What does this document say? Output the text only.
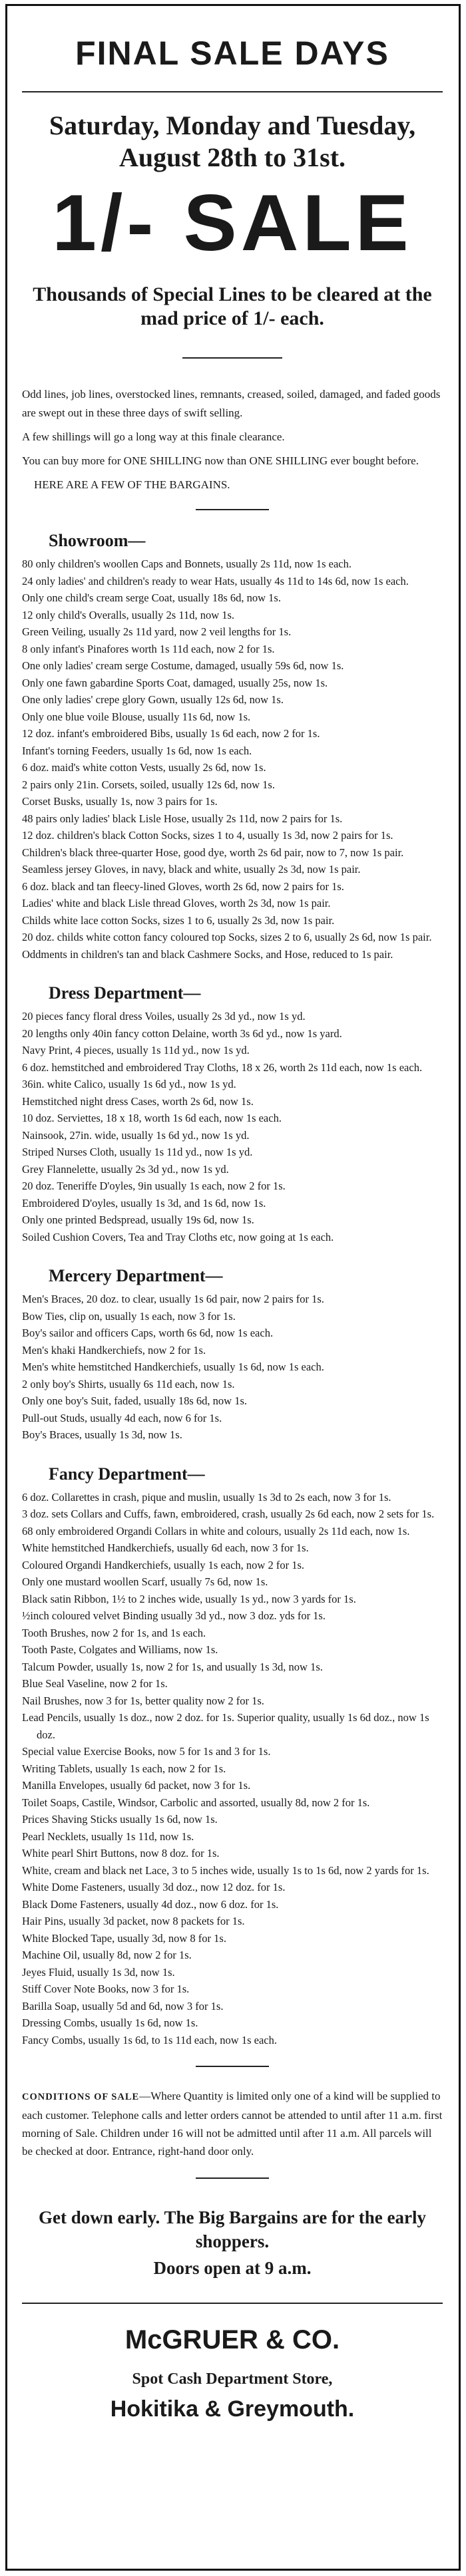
FINAL SALE DAYS
Saturday, Monday and Tuesday, August 28th to 31st.
1/- SALE
Thousands of Special Lines to be cleared at the mad price of 1/- each.

Odd lines, job lines, overstocked lines, remnants, creased, soiled, damaged, and faded goods are swept out in these three days of swift selling.

A few shillings will go a long way at this finale clearance.

You can buy more for ONE SHILLING now than ONE SHILLING ever bought before.

HERE ARE A FEW OF THE BARGAINS.

Showroom—

80 only children's woollen Caps and Bonnets, usually 2s 11d, now 1s each.

24 only ladies' and children's ready to wear Hats, usually 4s 11d to 14s 6d, now 1s each.

Only one child's cream serge Coat, usually 18s 6d, now 1s.

12 only child's Overalls, usually 2s 11d, now 1s.

Green Veiling, usually 2s 11d yard, now 2 veil lengths for 1s.

8 only infant's Pinafores worth 1s 11d each, now 2 for 1s.

One only ladies' cream serge Costume, damaged, usually 59s 6d, now 1s.

Only one fawn gabardine Sports Coat, damaged, usually 25s, now 1s.

One only ladies' crepe glory Gown, usually 12s 6d, now 1s.

Only one blue voile Blouse, usually 11s 6d, now 1s.

12 doz. infant's embroidered Bibs, usually 1s 6d each, now 2 for 1s.

Infant's torning Feeders, usually 1s 6d, now 1s each.

6 doz. maid's white cotton Vests, usually 2s 6d, now 1s.

2 pairs only 21in. Corsets, soiled, usually 12s 6d, now 1s.

Corset Busks, usually 1s, now 3 pairs for 1s.

48 pairs only ladies' black Lisle Hose, usually 2s 11d, now 2 pairs for 1s.

12 doz. children's black Cotton Socks, sizes 1 to 4, usually 1s 3d, now 2 pairs for 1s.

Children's black three-quarter Hose, good dye, worth 2s 6d pair, now to 7, now 1s pair.

Seamless jersey Gloves, in navy, black and white, usually 2s 3d, now 1s pair.

6 doz. black and tan fleecy-lined Gloves, worth 2s 6d, now 2 pairs for 1s.

Ladies' white and black Lisle thread Gloves, worth 2s 3d, now 1s pair.

Childs white lace cotton Socks, sizes 1 to 6, usually 2s 3d, now 1s pair.

20 doz. childs white cotton fancy coloured top Socks, sizes 2 to 6, usually 2s 6d, now 1s pair.

Oddments in children's tan and black Cashmere Socks, and Hose, reduced to 1s pair.

Dress Department—

20 pieces fancy floral dress Voiles, usually 2s 3d yd., now 1s yd.

20 lengths only 40in fancy cotton Delaine, worth 3s 6d yd., now 1s yard.

Navy Print, 4 pieces, usually 1s 11d yd., now 1s yd.

6 doz. hemstitched and embroidered Tray Cloths, 18 x 26, worth 2s 11d each, now 1s each.

36in. white Calico, usually 1s 6d yd., now 1s yd.

Hemstitched night dress Cases, worth 2s 6d, now 1s.

10 doz. Serviettes, 18 x 18, worth 1s 6d each, now 1s each.

Nainsook, 27in. wide, usually 1s 6d yd., now 1s yd.

Striped Nurses Cloth, usually 1s 11d yd., now 1s yd.

Grey Flannelette, usually 2s 3d yd., now 1s yd.

20 doz. Teneriffe D'oyles, 9in usually 1s each, now 2 for 1s.

Embroidered D'oyles, usually 1s 3d, and 1s 6d, now 1s.

Only one printed Bedspread, usually 19s 6d, now 1s.

Soiled Cushion Covers, Tea and Tray Cloths etc, now going at 1s each.

Mercery Department—

Men's Braces, 20 doz. to clear, usually 1s 6d pair, now 2 pairs for 1s.

Bow Ties, clip on, usually 1s each, now 3 for 1s.

Boy's sailor and officers Caps, worth 6s 6d, now 1s each.

Men's khaki Handkerchiefs, now 2 for 1s.

Men's white hemstitched Handkerchiefs, usually 1s 6d, now 1s each.

2 only boy's Shirts, usually 6s 11d each, now 1s.

Only one boy's Suit, faded, usually 18s 6d, now 1s.

Pull-out Studs, usually 4d each, now 6 for 1s.

Boy's Braces, usually 1s 3d, now 1s.

Fancy Department—

6 doz. Collarettes in crash, pique and muslin, usually 1s 3d to 2s each, now 3 for 1s.

3 doz. sets Collars and Cuffs, fawn, embroidered, crash, usually 2s 6d each, now 2 sets for 1s.

68 only embroidered Organdi Collars in white and colours, usually 2s 11d each, now 1s.

White hemstitched Handkerchiefs, usually 6d each, now 3 for 1s.

Coloured Organdi Handkerchiefs, usually 1s each, now 2 for 1s.

Only one mustard woollen Scarf, usually 7s 6d, now 1s.

Black satin Ribbon, 1½ to 2 inches wide, usually 1s yd., now 3 yards for 1s.

½inch coloured velvet Binding usually 3d yd., now 3 doz. yds for 1s.

Tooth Brushes, now 2 for 1s, and 1s each.

Tooth Paste, Colgates and Williams, now 1s.

Talcum Powder, usually 1s, now 2 for 1s, and usually 1s 3d, now 1s.

Blue Seal Vaseline, now 2 for 1s.

Nail Brushes, now 3 for 1s, better quality now 2 for 1s.

Lead Pencils, usually 1s doz., now 2 doz. for 1s. Superior quality, usually 1s 6d doz., now 1s doz.

Special value Exercise Books, now 5 for 1s and 3 for 1s.

Writing Tablets, usually 1s each, now 2 for 1s.

Manilla Envelopes, usually 6d packet, now 3 for 1s.

Toilet Soaps, Castile, Windsor, Carbolic and assorted, usually 8d, now 2 for 1s.

Prices Shaving Sticks usually 1s 6d, now 1s.

Pearl Necklets, usually 1s 11d, now 1s.

White pearl Shirt Buttons, now 8 doz. for 1s.

White, cream and black net Lace, 3 to 5 inches wide, usually 1s to 1s 6d, now 2 yards for 1s.

White Dome Fasteners, usually 3d doz., now 12 doz. for 1s.

Black Dome Fasteners, usually 4d doz., now 6 doz. for 1s.

Hair Pins, usually 3d packet, now 8 packets for 1s.

White Blocked Tape, usually 3d, now 8 for 1s.

Machine Oil, usually 8d, now 2 for 1s.

Jeyes Fluid, usually 1s 3d, now 1s.

Stiff Cover Note Books, now 3 for 1s.

Barilla Soap, usually 5d and 6d, now 3 for 1s.

Dressing Combs, usually 1s 6d, now 1s.

Fancy Combs, usually 1s 6d, to 1s 11d each, now 1s each.

CONDITIONS OF SALE—Where Quantity is limited only one of a kind will be supplied to each customer. Telephone calls and letter orders cannot be attended to until after 11 a.m. first morning of Sale. Children under 16 will not be admitted until after 11 a.m. All parcels will be checked at door. Entrance, right-hand door only.
Get down early. The Big Bargains are for the early shoppers.
Doors open at 9 a.m.
McGRUER & CO.
Spot Cash Department Store,
Hokitika & Greymouth.
